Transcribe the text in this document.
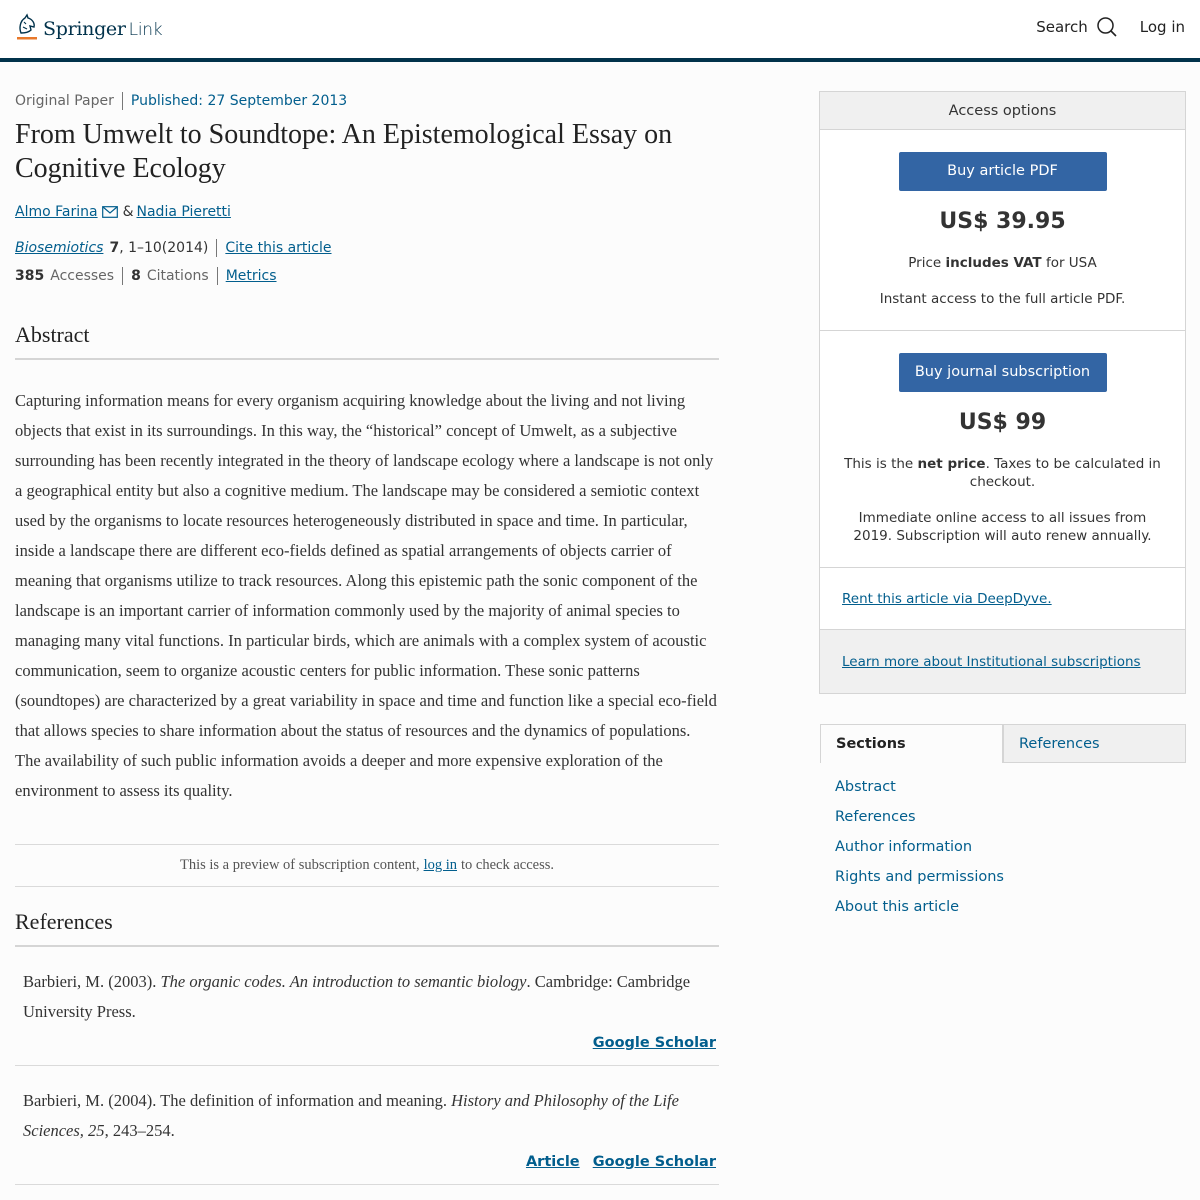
Springer Link	Search	Log in
Original Paper Published: 27 September 2013
From Umwelt to Soundtope: An Epistemological Essay on Cognitive Ecology
Almo Farina & Nadia Pieretti
Biosemiotics 7, 1–10(2014) Cite this article
385 Accesses 8 Citations Metrics
Abstract

Capturing information means for every organism acquiring knowledge about the living and not living objects that exist in its surroundings. In this way, the “historical” concept of Umwelt, as a subjective surrounding has been recently integrated in the theory of landscape ecology where a landscape is not only a geographical entity but also a cognitive medium. The landscape may be considered a semiotic context used by the organisms to locate resources heterogeneously distributed in space and time. In particular, inside a landscape there are different eco-fields defined as spatial arrangements of objects carrier of meaning that organisms utilize to track resources. Along this epistemic path the sonic component of the landscape is an important carrier of information commonly used by the majority of animal species to managing many vital functions. In particular birds, which are animals with a complex system of acoustic communication, seem to organize acoustic centers for public information. These sonic patterns (soundtopes) are characterized by a great variability in space and time and function like a special eco-field that allows species to share information about the status of resources and the dynamics of populations. The availability of such public information avoids a deeper and more expensive exploration of the environment to assess its quality.

This is a preview of subscription content, log in to check access.
References

Barbieri, M. (2003). The organic codes. An introduction to semantic biology. Cambridge: Cambridge University Press.

Google Scholar

Barbieri, M. (2004). The definition of information and meaning. History and Philosophy of the Life Sciences, 25, 243–254.

Article Google Scholar
Access options
Buy article PDF
US$ 39.95
Price includes VAT for USA
Instant access to the full article PDF.
Buy journal subscription
US$ 99
This is the net price. Taxes to be calculated in checkout.
Immediate online access to all issues from 2019. Subscription will auto renew annually.
Rent this article via DeepDyve.
Learn more about Institutional subscriptions
Sections	References
Abstract
References
Author information
Rights and permissions
About this article
